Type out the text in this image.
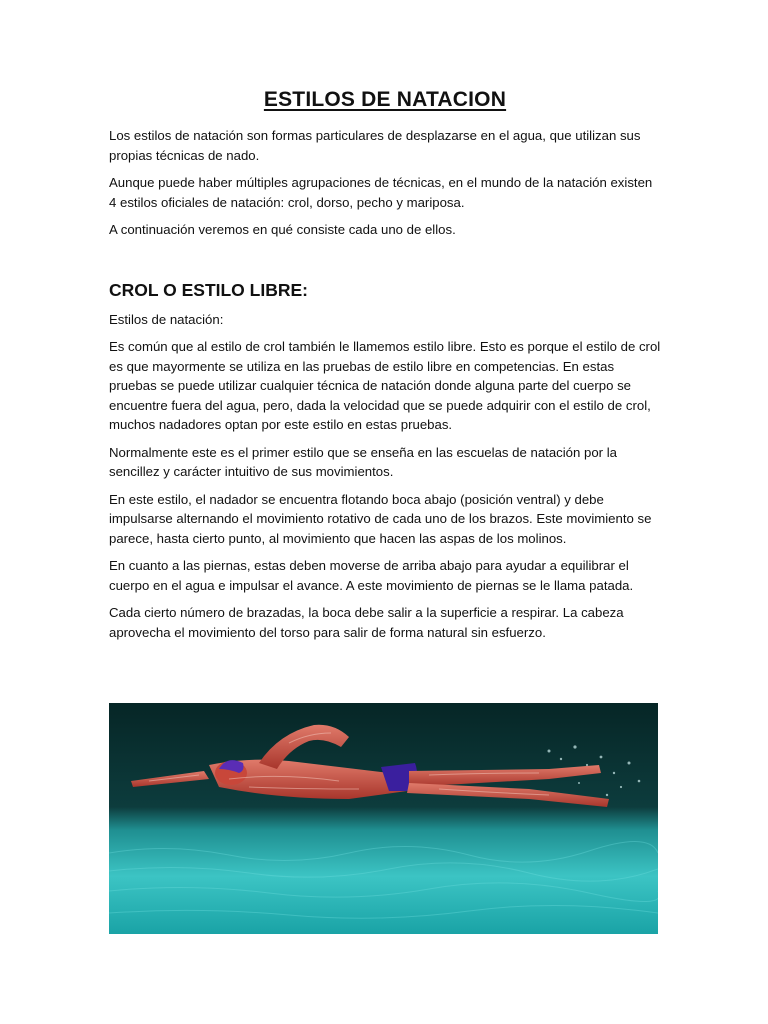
ESTILOS DE NATACION

Los estilos de natación son formas particulares de desplazarse en el agua, que utilizan sus propias técnicas de nado.

Aunque puede haber múltiples agrupaciones de técnicas, en el mundo de la natación existen 4 estilos oficiales de natación: crol, dorso, pecho y mariposa.

A continuación veremos en qué consiste cada uno de ellos.

CROL O ESTILO LIBRE:

Estilos de natación:

Es común que al estilo de crol también le llamemos estilo libre. Esto es porque el estilo de crol es que mayormente se utiliza en las pruebas de estilo libre en competencias. En estas pruebas se puede utilizar cualquier técnica de natación donde alguna parte del cuerpo se encuentre fuera del agua, pero, dada la velocidad que se puede adquirir con el estilo de crol, muchos nadadores optan por este estilo en estas pruebas.

Normalmente este es el primer estilo que se enseña en las escuelas de natación por la sencillez y carácter intuitivo de sus movimientos.

En este estilo, el nadador se encuentra flotando boca abajo (posición ventral) y debe impulsarse alternando el movimiento rotativo de cada uno de los brazos. Este movimiento se parece, hasta cierto punto, al movimiento que hacen las aspas de los molinos.

En cuanto a las piernas, estas deben moverse de arriba abajo para ayudar a equilibrar el cuerpo en el agua e impulsar el avance. A este movimiento de piernas se le llama patada.

Cada cierto número de brazadas, la boca debe salir a la superficie a respirar. La cabeza aprovecha el movimiento del torso para salir de forma natural sin esfuerzo.
